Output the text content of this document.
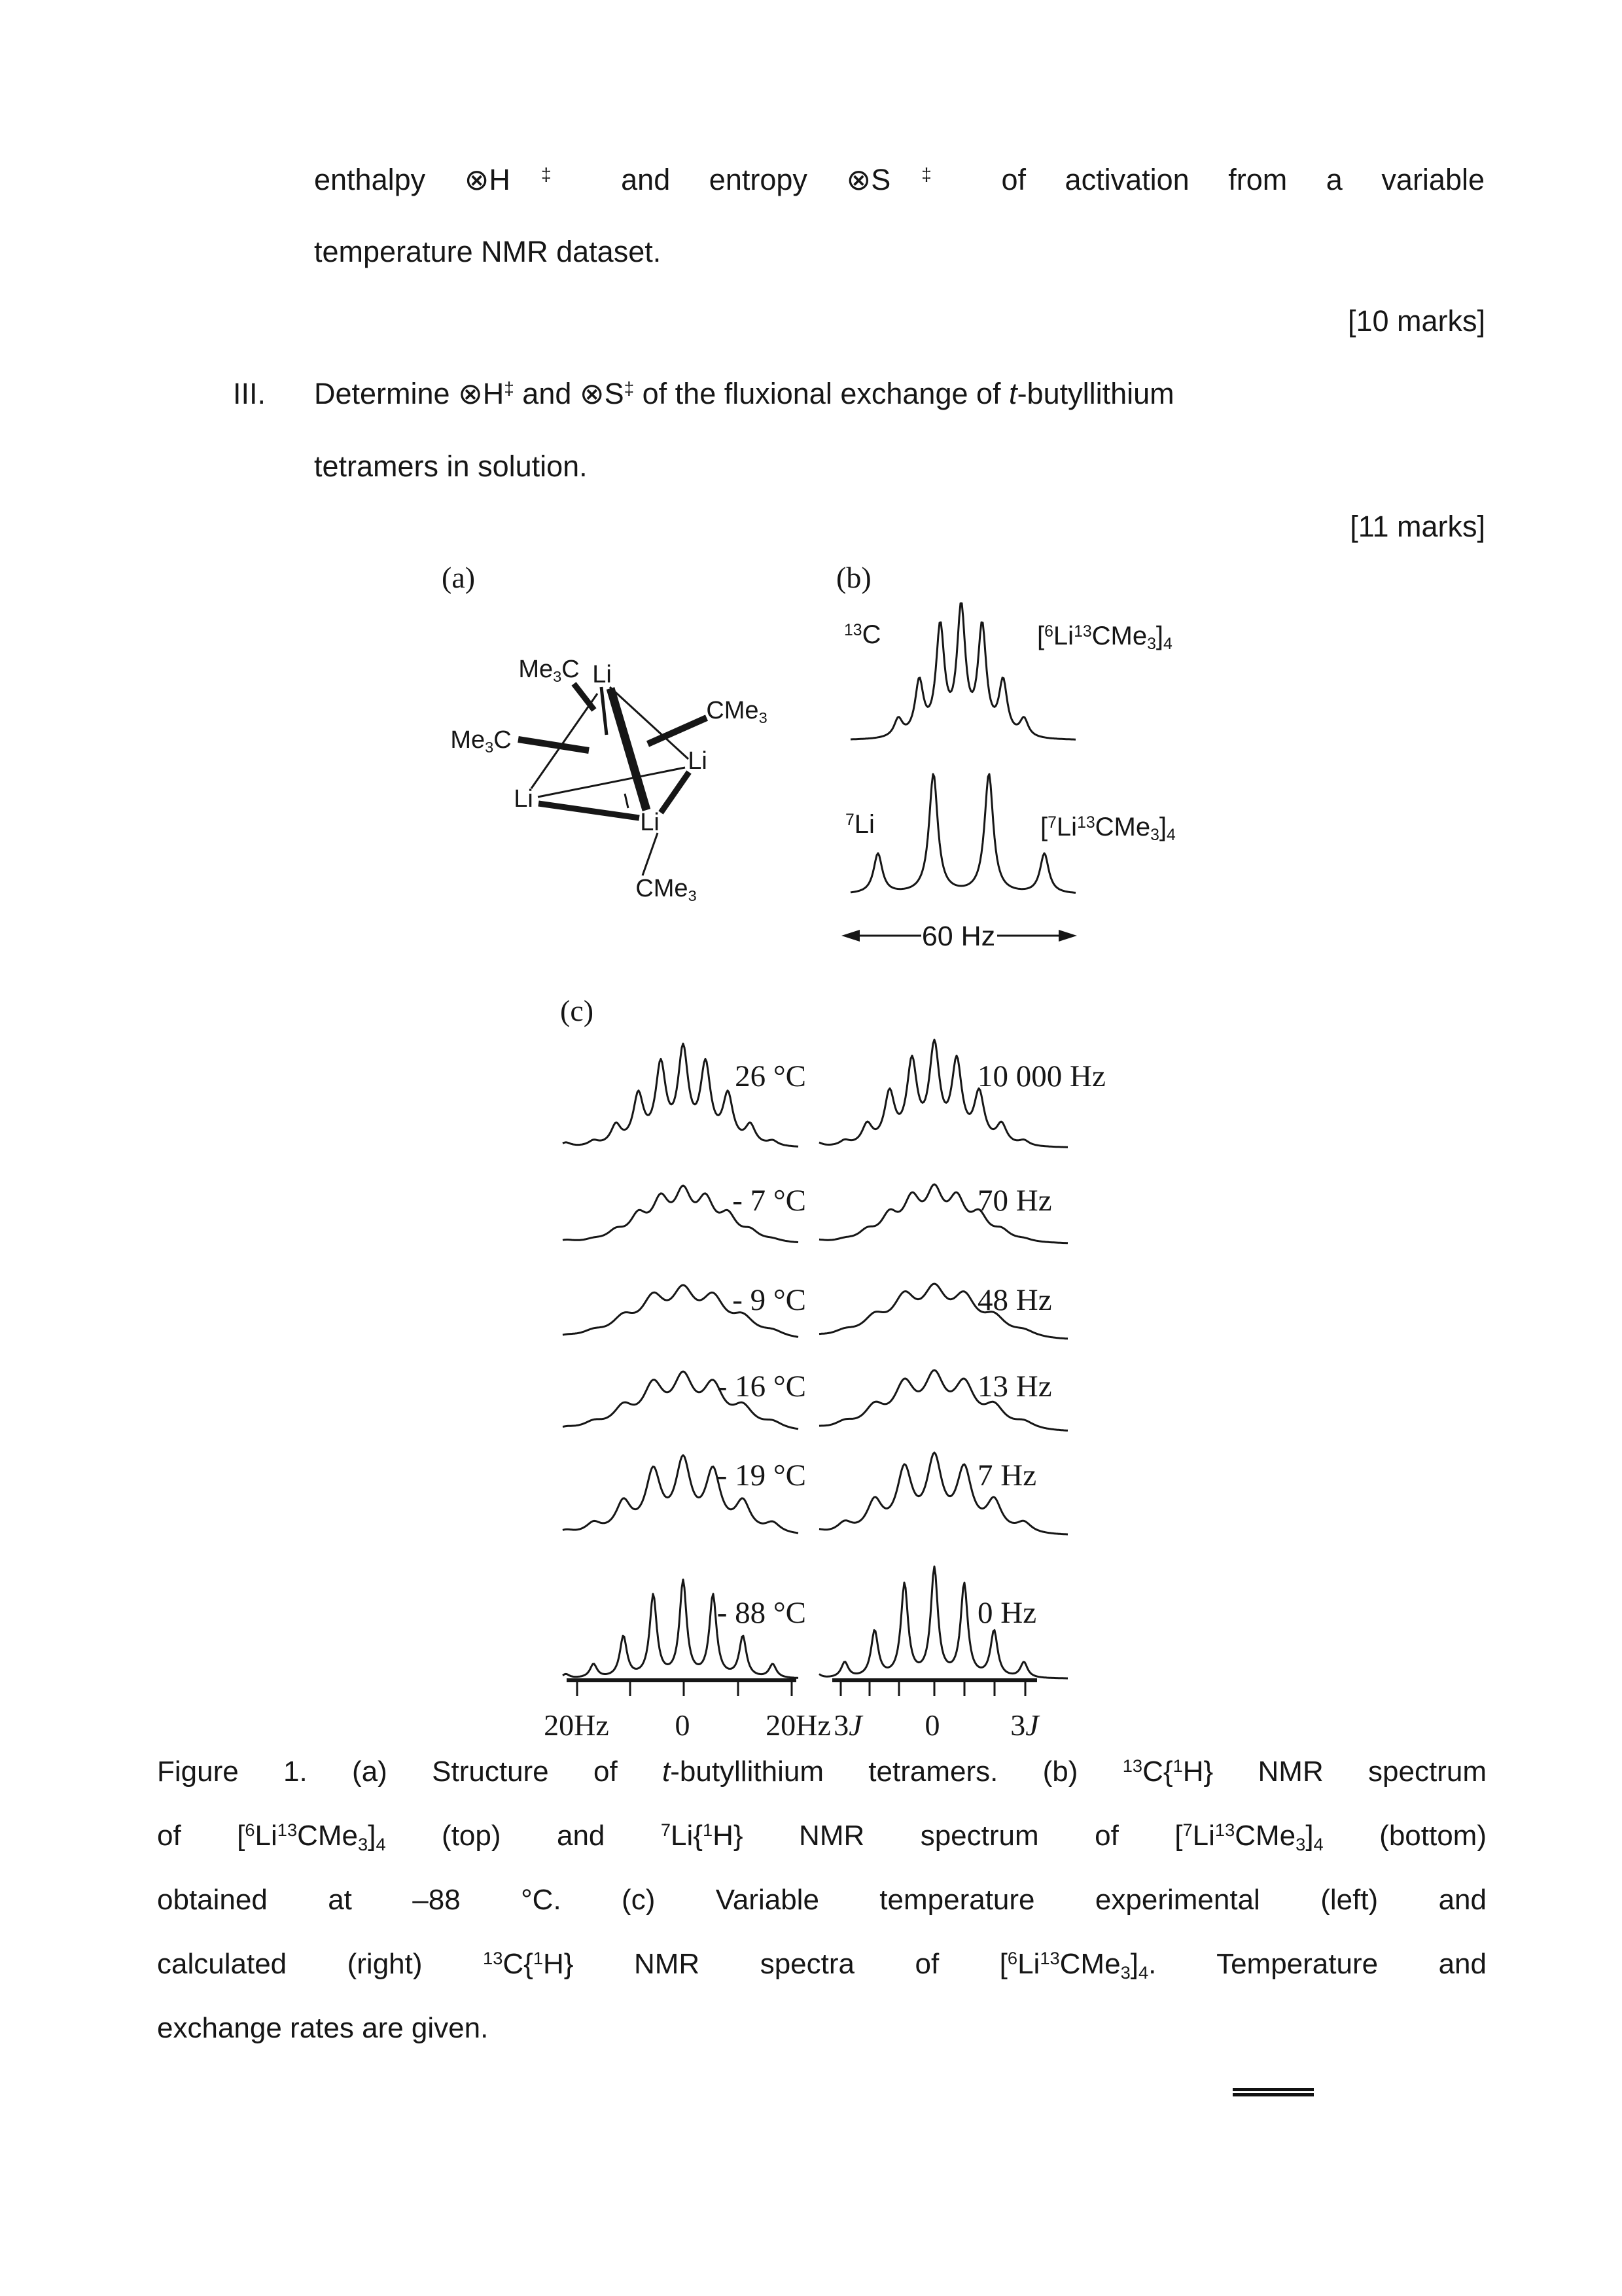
enthalpy ⊗H‡ and entropy ⊗S‡ of activation from a variable
temperature NMR dataset.
[10 marks]
III. Determine ⊗H‡ and ⊗S‡ of the fluxional exchange of t-butyllithium
tetramers in solution.
[11 marks]
(a)	(b)
(c)
Me3C Li
CMe3
Me3C
Li
Li
Li
CMe3
$^{13}$C	[$^6$Li$^{13}$CMe3]4
$^7$Li	[$^7$Li$^{13}$CMe3]4
60 Hz
26 °C	10 000 Hz
- 7 °C	70 Hz
- 9 °C	48 Hz
- 16 °C	13 Hz
- 19 °C	7 Hz
- 88 °C	0 Hz
20Hz	0	20Hz 3J	0	3J
Figure 1. (a) Structure of t-butyllithium tetramers. (b) $^{13}$C{$^1$H} NMR spectrum
of [$^6$Li$^{13}$CMe3]4 (top) and $^7$Li{$^1$H} NMR spectrum of [$^7$Li$^{13}$CMe3]4 (bottom)
obtained at –88 °C. (c) Variable temperature experimental (left) and
calculated (right) $^{13}$C{$^1$H} NMR spectra of [$^6$Li$^{13}$CMe3]4. Temperature and
exchange rates are given.
